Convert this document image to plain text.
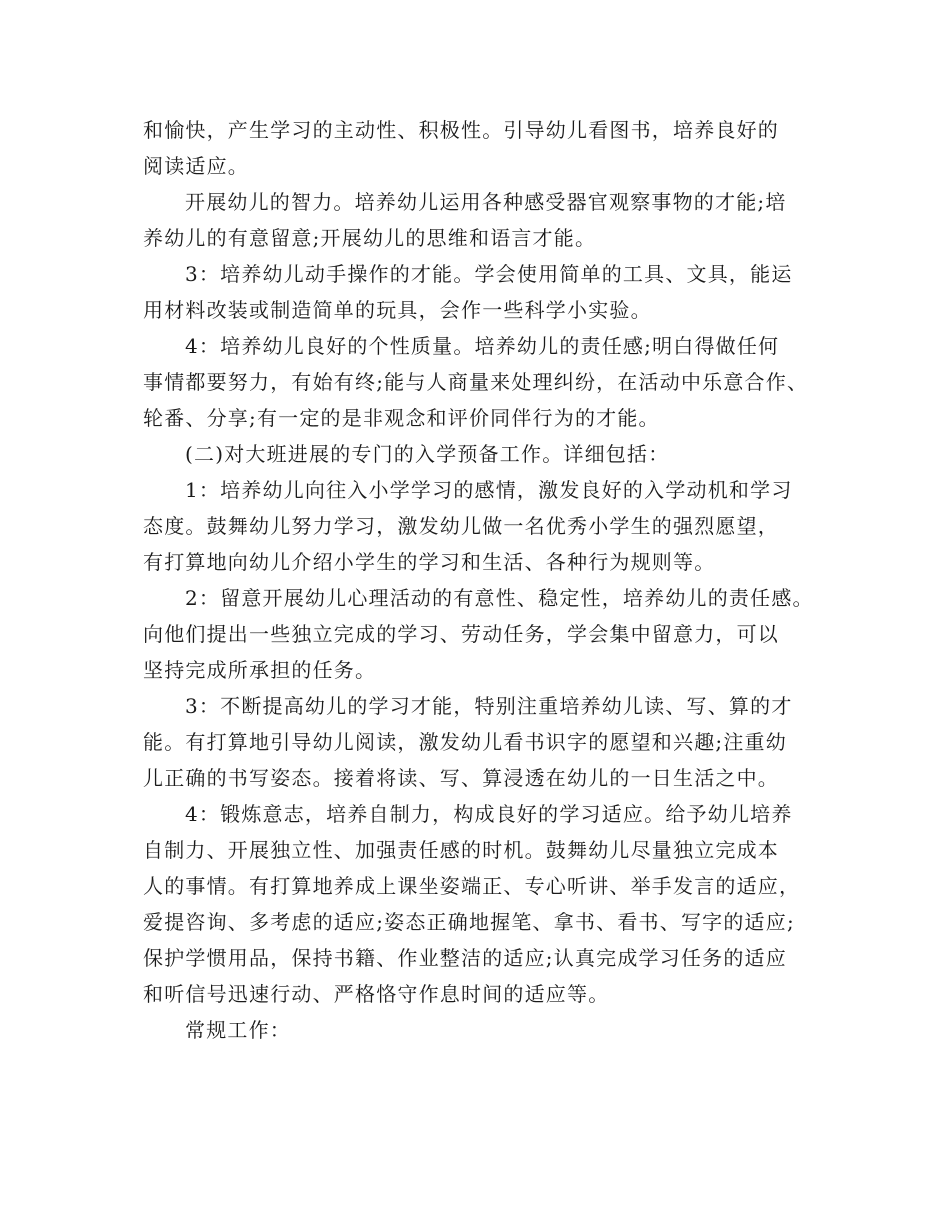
和愉快，产生学习的主动性、积极性。引导幼儿看图书，培养良好的
阅读适应。
开展幼儿的智力。培养幼儿运用各种感受器官观察事物的才能;培
养幼儿的有意留意;开展幼儿的思维和语言才能。
3：培养幼儿动手操作的才能。学会使用简单的工具、文具，能运
用材料改装或制造简单的玩具，会作一些科学小实验。
4：培养幼儿良好的个性质量。培养幼儿的责任感;明白得做任何
事情都要努力，有始有终;能与人商量来处理纠纷，在活动中乐意合作、
轮番、分享;有一定的是非观念和评价同伴行为的才能。
(二)对大班进展的专门的入学预备工作。详细包括：
1：培养幼儿向往入小学学习的感情，激发良好的入学动机和学习
态度。鼓舞幼儿努力学习，激发幼儿做一名优秀小学生的强烈愿望，
有打算地向幼儿介绍小学生的学习和生活、各种行为规则等。
2：留意开展幼儿心理活动的有意性、稳定性，培养幼儿的责任感。
向他们提出一些独立完成的学习、劳动任务，学会集中留意力，可以
坚持完成所承担的任务。
3：不断提高幼儿的学习才能，特别注重培养幼儿读、写、算的才
能。有打算地引导幼儿阅读，激发幼儿看书识字的愿望和兴趣;注重幼
儿正确的书写姿态。接着将读、写、算浸透在幼儿的一日生活之中。
4：锻炼意志，培养自制力，构成良好的学习适应。给予幼儿培养
自制力、开展独立性、加强责任感的时机。鼓舞幼儿尽量独立完成本
人的事情。有打算地养成上课坐姿端正、专心听讲、举手发言的适应，
爱提咨询、多考虑的适应;姿态正确地握笔、拿书、看书、写字的适应;
保护学惯用品，保持书籍、作业整洁的适应;认真完成学习任务的适应
和听信号迅速行动、严格恪守作息时间的适应等。
常规工作：
